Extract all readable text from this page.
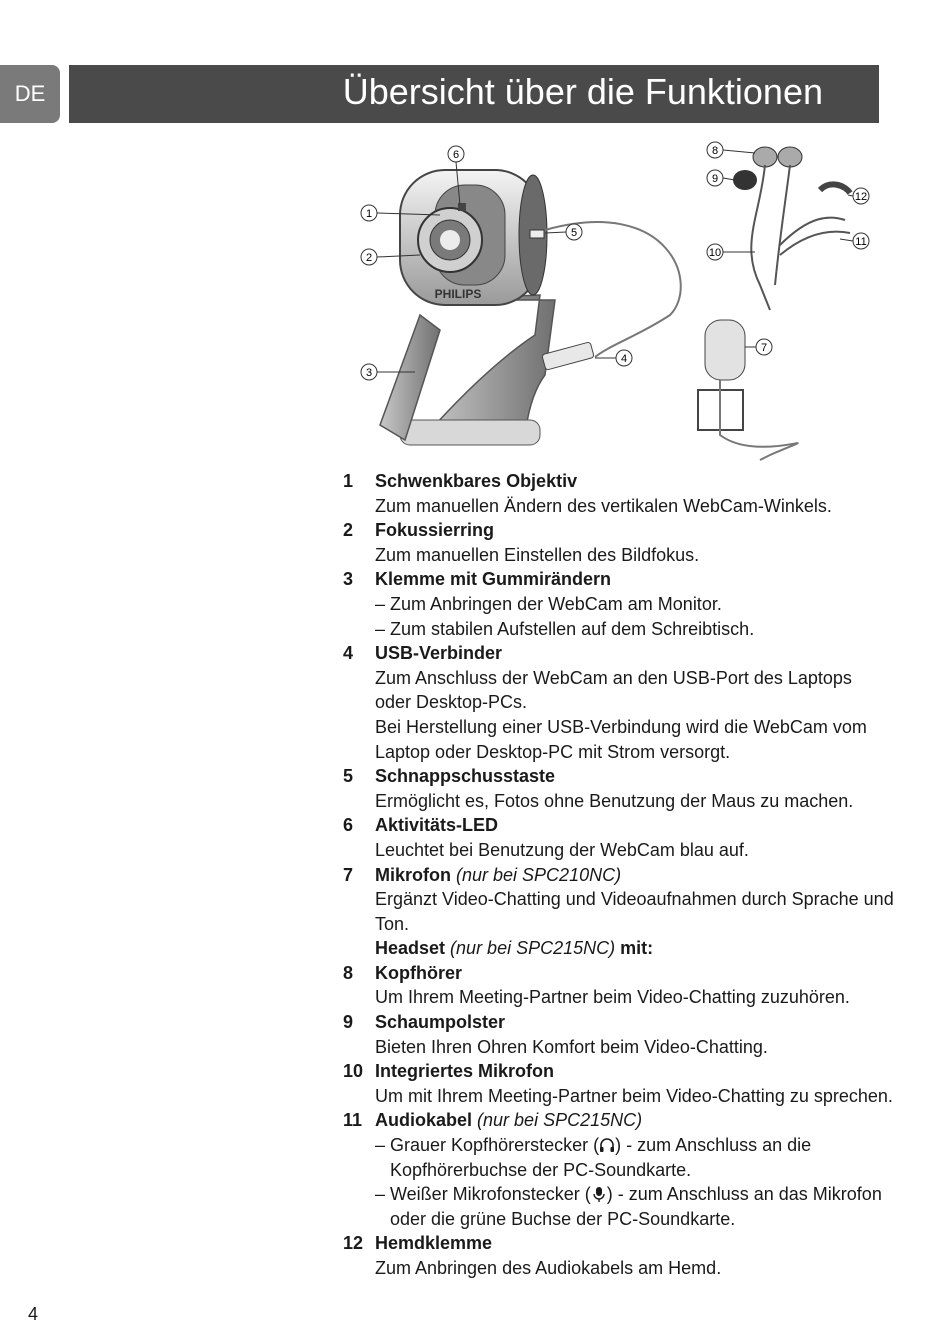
DE	Übersicht über die Funktionen
PHILIPS
1
2
3
4
5
6
7
8
9
10
11
12
1	Schwenkbares Objektiv
Zum manuellen Ändern des vertikalen WebCam-Winkels.
2	Fokussierring
Zum manuellen Einstellen des Bildfokus.
3	Klemme mit Gummirändern
– Zum Anbringen der WebCam am Monitor.
– Zum stabilen Aufstellen auf dem Schreibtisch.
4	USB-Verbinder
Zum Anschluss der WebCam an den USB-Port des Laptops
oder Desktop-PCs.
Bei Herstellung einer USB-Verbindung wird die WebCam vom
Laptop oder Desktop-PC mit Strom versorgt.
5	Schnappschusstaste
Ermöglicht es, Fotos ohne Benutzung der Maus zu machen.
6	Aktivitäts-LED
Leuchtet bei Benutzung der WebCam blau auf.
7	Mikrofon (nur bei SPC210NC)
Ergänzt Video-Chatting und Videoaufnahmen durch Sprache und
Ton.
Headset (nur bei SPC215NC) mit:
8	Kopfhörer
Um Ihrem Meeting-Partner beim Video-Chatting zuzuhören.
9	Schaumpolster
Bieten Ihren Ohren Komfort beim Video-Chatting.
10 Integriertes Mikrofon
Um mit Ihrem Meeting-Partner beim Video-Chatting zu sprechen.
11 Audiokabel (nur bei SPC215NC)
– Grauer Kopfhörerstecker ( ) - zum Anschluss an die
Kopfhörerbuchse der PC-Soundkarte.
– Weißer Mikrofonstecker ( ) - zum Anschluss an das Mikrofon
oder die grüne Buchse der PC-Soundkarte.
12 Hemdklemme
Zum Anbringen des Audiokabels am Hemd.
4
